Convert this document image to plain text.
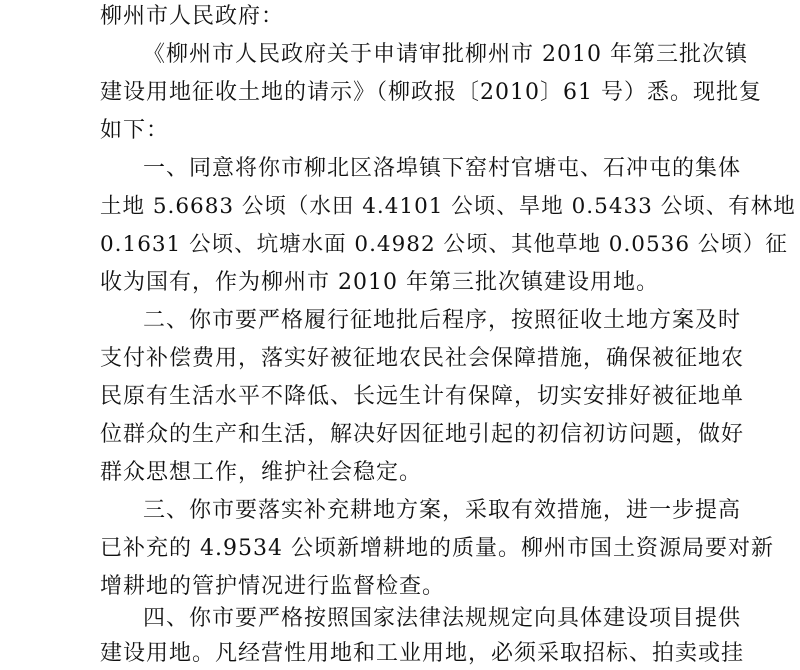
柳州市人民政府：
《柳州市人民政府关于申请审批柳州市 2010 年第三批次镇
建设用地征收土地的请示》（柳政报〔2010〕61 号）悉。现批复
如下：
一、同意将你市柳北区洛埠镇下窑村官塘屯、石冲屯的集体
土地 5.6683 公顷（水田 4.4101 公顷、旱地 0.5433 公顷、有林地
0.1631 公顷、坑塘水面 0.4982 公顷、其他草地 0.0536 公顷）征
收为国有，作为柳州市 2010 年第三批次镇建设用地。
二、你市要严格履行征地批后程序，按照征收土地方案及时
支付补偿费用，落实好被征地农民社会保障措施，确保被征地农
民原有生活水平不降低、长远生计有保障，切实安排好被征地单
位群众的生产和生活，解决好因征地引起的初信初访问题，做好
群众思想工作，维护社会稳定。
三、你市要落实补充耕地方案，采取有效措施，进一步提高
已补充的 4.9534 公顷新增耕地的质量。柳州市国土资源局要对新
增耕地的管护情况进行监督检查。
四、你市要严格按照国家法律法规规定向具体建设项目提供
建设用地。凡经营性用地和工业用地，必须采取招标、拍卖或挂
